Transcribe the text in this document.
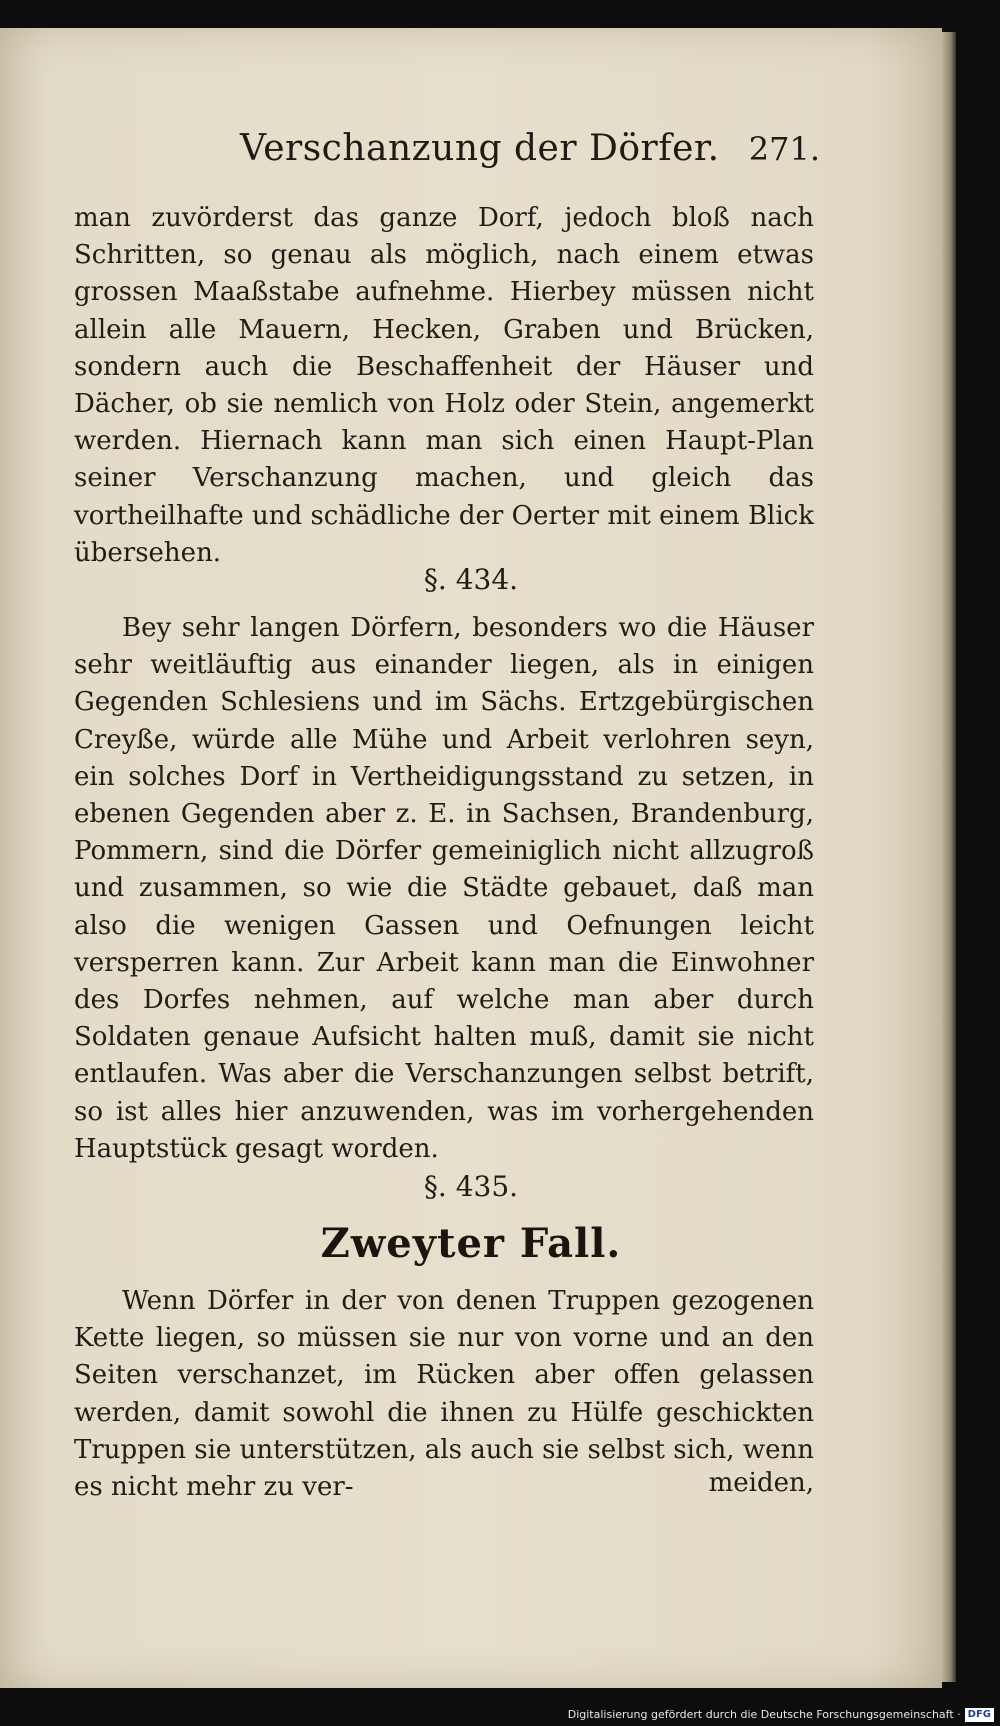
Verschanzung der Dörfer. 271.

man zuvörderst das ganze Dorf, jedoch bloß nach Schritten, so genau als möglich, nach einem etwas grossen Maaßstabe aufnehme. Hierbey müssen nicht allein alle Mauern, Hecken, Graben und Brücken, sondern auch die Beschaffenheit der Häuser und Dächer, ob sie nemlich von Holz oder Stein, angemerkt werden. Hiernach kann man sich einen Haupt-Plan seiner Verschanzung machen, und gleich das vortheilhafte und schädliche der Oerter mit einem Blick übersehen.

§. 434.

Bey sehr langen Dörfern, besonders wo die Häuser sehr weitläuftig aus einander liegen, als in einigen Gegenden Schlesiens und im Sächs. Ertzgebürgischen Creyße, würde alle Mühe und Arbeit verlohren seyn, ein solches Dorf in Vertheidigungsstand zu setzen, in ebenen Gegenden aber z. E. in Sachsen, Brandenburg, Pommern, sind die Dörfer gemeiniglich nicht allzugroß und zusammen, so wie die Städte gebauet, daß man also die wenigen Gassen und Oefnungen leicht versperren kann. Zur Arbeit kann man die Einwohner des Dorfes nehmen, auf welche man aber durch Soldaten genaue Aufsicht halten muß, damit sie nicht entlaufen. Was aber die Verschanzungen selbst betrift, so ist alles hier anzuwenden, was im vorhergehenden Hauptstück gesagt worden.

§. 435.
Zweyter Fall.

Wenn Dörfer in der von denen Truppen gezogenen Kette liegen, so müssen sie nur von vorne und an den Seiten verschanzet, im Rücken aber offen gelassen werden, damit sowohl die ihnen zu Hülfe geschickten Truppen sie unterstützen, als auch sie selbst sich, wenn es nicht mehr zu ver-	meiden,
Digitalisierung gefördert durch die Deutsche Forschungsgemeinschaft · DFG
